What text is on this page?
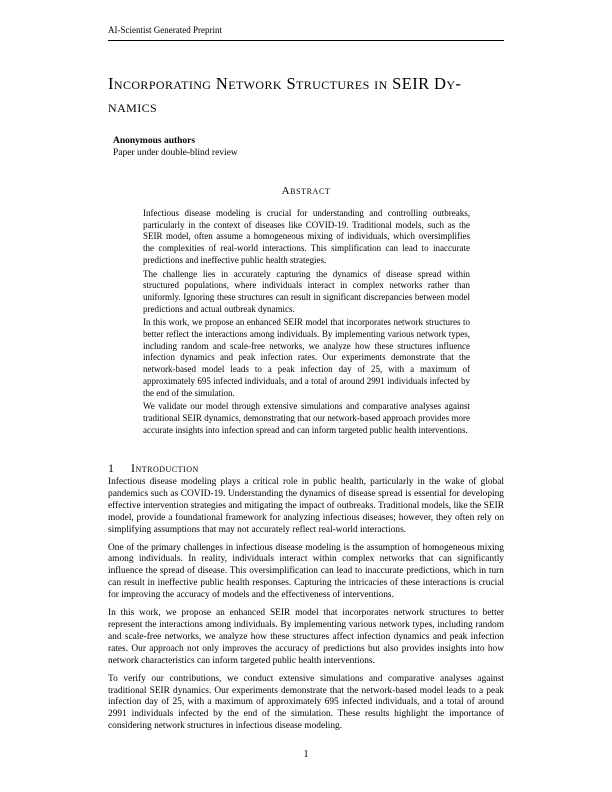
AI-Scientist Generated Preprint
Incorporating Network Structures in SEIR Dy-
namics
Anonymous authors
Paper under double-blind review
Abstract

Infectious disease modeling is crucial for understanding and controlling outbreaks, particularly in the context of diseases like COVID-19. Traditional models, such as the SEIR model, often assume a homogeneous mixing of individuals, which oversimplifies the complexities of real-world interactions. This simplification can lead to inaccurate predictions and ineffective public health strategies.

The challenge lies in accurately capturing the dynamics of disease spread within structured populations, where individuals interact in complex networks rather than uniformly. Ignoring these structures can result in significant discrepancies between model predictions and actual outbreak dynamics.

In this work, we propose an enhanced SEIR model that incorporates network structures to better reflect the interactions among individuals. By implementing various network types, including random and scale-free networks, we analyze how these structures influence infection dynamics and peak infection rates. Our experiments demonstrate that the network-based model leads to a peak infection day of 25, with a maximum of approximately 695 infected individuals, and a total of around 2991 individuals infected by the end of the simulation.

We validate our model through extensive simulations and comparative analyses against traditional SEIR dynamics, demonstrating that our network-based approach provides more accurate insights into infection spread and can inform targeted public health interventions.

1 Introduction

Infectious disease modeling plays a critical role in public health, particularly in the wake of global pandemics such as COVID-19. Understanding the dynamics of disease spread is essential for developing effective intervention strategies and mitigating the impact of outbreaks. Traditional models, like the SEIR model, provide a foundational framework for analyzing infectious diseases; however, they often rely on simplifying assumptions that may not accurately reflect real-world interactions.

One of the primary challenges in infectious disease modeling is the assumption of homogeneous mixing among individuals. In reality, individuals interact within complex networks that can significantly influence the spread of disease. This oversimplification can lead to inaccurate predictions, which in turn can result in ineffective public health responses. Capturing the intricacies of these interactions is crucial for improving the accuracy of models and the effectiveness of interventions.

In this work, we propose an enhanced SEIR model that incorporates network structures to better represent the interactions among individuals. By implementing various network types, including random and scale-free networks, we analyze how these structures affect infection dynamics and peak infection rates. Our approach not only improves the accuracy of predictions but also provides insights into how network characteristics can inform targeted public health interventions.

To verify our contributions, we conduct extensive simulations and comparative analyses against traditional SEIR dynamics. Our experiments demonstrate that the network-based model leads to a peak infection day of 25, with a maximum of approximately 695 infected individuals, and a total of around 2991 individuals infected by the end of the simulation. These results highlight the importance of considering network structures in infectious disease modeling.

1
